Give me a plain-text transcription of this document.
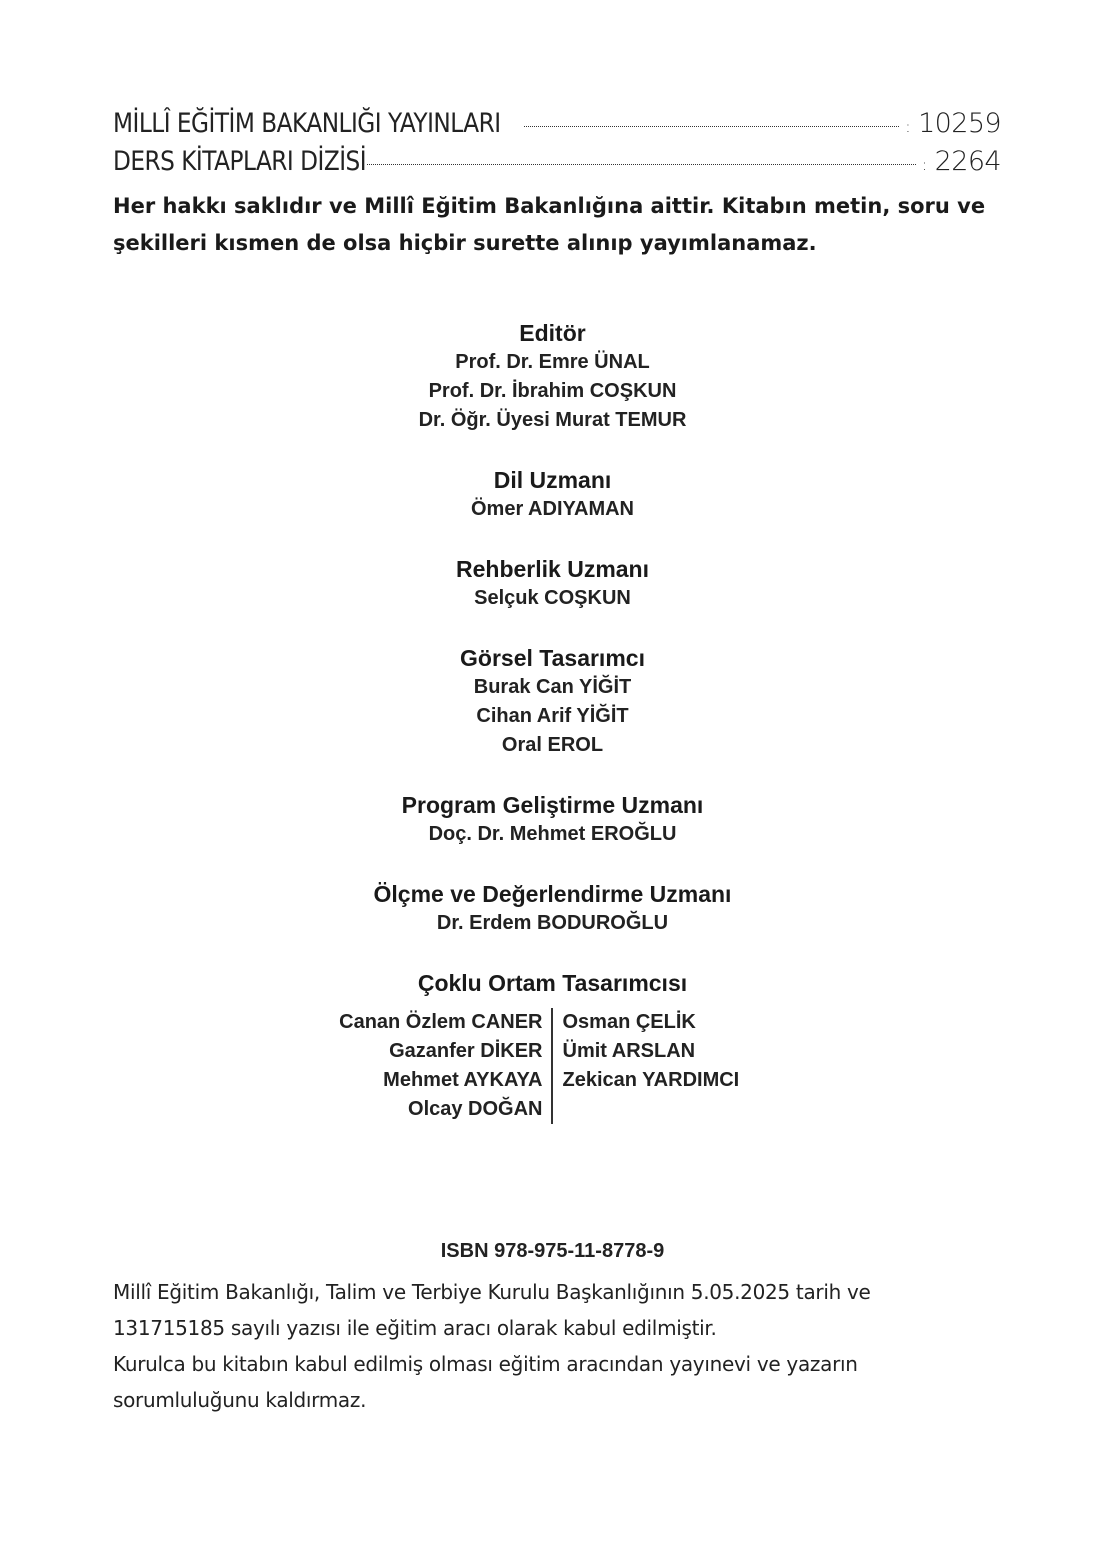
MİLLÎ EĞİTİM BAKANLIĞI YAYINLARI	: 10259
DERS KİTAPLARI DİZİSİ	: 2264
Her hakkı saklıdır ve Millî Eğitim Bakanlığına aittir. Kitabın metin, soru ve
şekilleri kısmen de olsa hiçbir surette alınıp yayımlanamaz.
Editör
Prof. Dr. Emre ÜNAL
Prof. Dr. İbrahim COŞKUN
Dr. Öğr. Üyesi Murat TEMUR
Dil Uzmanı
Ömer ADIYAMAN
Rehberlik Uzmanı
Selçuk COŞKUN
Görsel Tasarımcı
Burak Can YİĞİT
Cihan Arif YİĞİT
Oral EROL
Program Geliştirme Uzmanı
Doç. Dr. Mehmet EROĞLU
Ölçme ve Değerlendirme Uzmanı
Dr. Erdem BODUROĞLU
Çoklu Ortam Tasarımcısı
Canan Özlem CANER
Gazanfer DİKER
Mehmet AYKAYA
Olcay DOĞAN
Osman ÇELİK
Ümit ARSLAN
Zekican YARDIMCI
ISBN 978-975-11-8778-9
Millî Eğitim Bakanlığı, Talim ve Terbiye Kurulu Başkanlığının 5.05.2025 tarih ve
131715185 sayılı yazısı ile eğitim aracı olarak kabul edilmiştir.
Kurulca bu kitabın kabul edilmiş olması eğitim aracından yayınevi ve yazarın
sorumluluğunu kaldırmaz.
